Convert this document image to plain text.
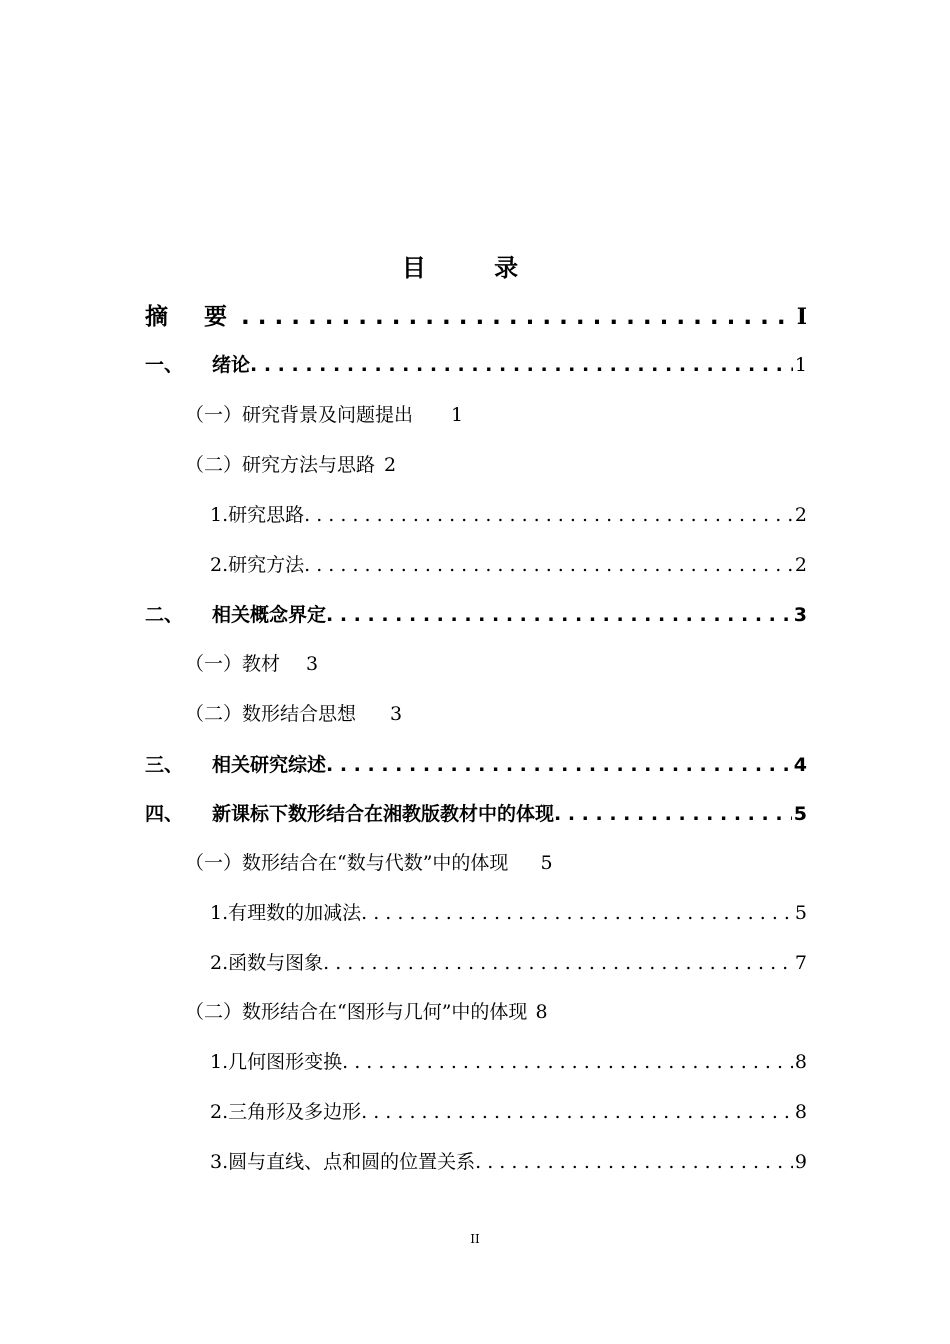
目 录
摘 要 . . .	I
一、 绪论 . . .	1
（一）研究背景及问题提出 1
（二）研究方法与思路 2
1.研究思路 . . .	2
2.研究方法 . . .	2
二、 相关概念界定 . . .	3
（一）教材 3
（二）数形结合思想 3
三、 相关研究综述 . . .	4
四、 新课标下数形结合在湘教版教材中的体现 . . .	5
（一）数形结合在“数与代数”中的体现 5
1.有理数的加减法 . . .	5
2.函数与图象 . . .	7
（二）数形结合在“图形与几何”中的体现 8
1.几何图形变换 . . .	8
2.三角形及多边形 . . .	8
3.圆与直线、点和圆的位置关系 . . .	9
II
